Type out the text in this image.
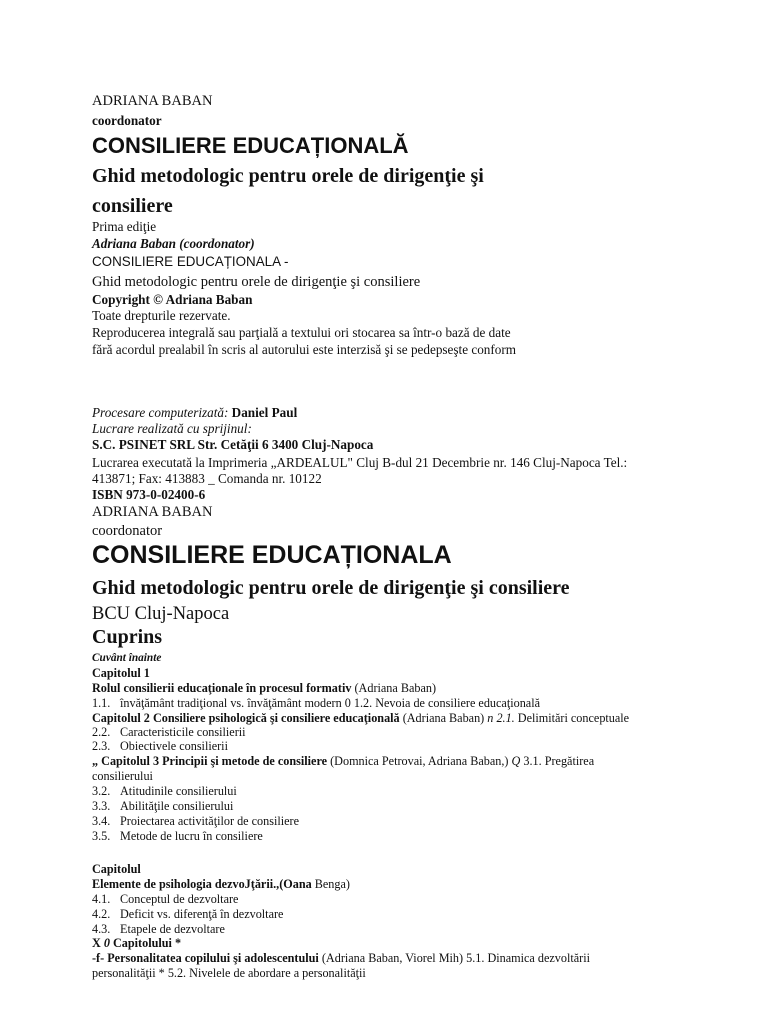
ADRIANA BABAN
coordonator
CONSILIERE EDUCAȚIONALĂ
Ghid metodologic pentru orele de dirigenţie şi
consiliere
Prima ediţie
Adriana Baban (coordonator)
CONSILIERE EDUCAȚIONALA -
Ghid metodologic pentru orele de dirigenţie şi consiliere
Copyright © Adriana Baban
Toate drepturile rezervate.
Reproducerea integrală sau parţială a textului ori stocarea sa într-o bază de date
fără acordul prealabil în scris al autorului este interzisă şi se pedepseşte conform
Procesare computerizată: Daniel Paul
Lucrare realizată cu sprijinul:
S.C. PSINET SRL Str. Cetăţii 6 3400 Cluj-Napoca
Lucrarea executată la Imprimeria „ARDEALUL" Cluj B-dul 21 Decembrie nr. 146 Cluj-Napoca Tel.:
413871; Fax: 413883 _ Comanda nr. 10122
ISBN 973-0-02400-6
ADRIANA BABAN
coordonator
CONSILIERE EDUCAȚIONALA
Ghid metodologic pentru orele de dirigenţie şi consiliere
BCU Cluj-Napoca
Cuprins
Cuvânt înainte
Capitolul 1
Rolul consilierii educaţionale în procesul formativ (Adriana Baban)
1.1. învăţământ tradiţional vs. învăţământ modern 0 1.2. Nevoia de consiliere educaţională
Capitolul 2 Consiliere psihologică şi consiliere educaţională (Adriana Baban) n 2.1. Delimitări conceptuale
2.2. Caracteristicile consilierii
2.3. Obiectivele consilierii
„ Capitolul 3 Principii şi metode de consiliere (Domnica Petrovai, Adriana Baban,) Q 3.1. Pregătirea
consilierului
3.2. Atitudinile consilierului
3.3. Abilităţile consilierului
3.4. Proiectarea activităţilor de consiliere
3.5. Metode de lucru în consiliere
Capitolul
Elemente de psihologia dezvoJţării.,(Oana Benga)
4.1. Conceptul de dezvoltare
4.2. Deficit vs. diferenţă în dezvoltare
4.3. Etapele de dezvoltare
X 0 Capitolului *
-f- Personalitatea copilului şi adolescentului (Adriana Baban, Viorel Mih) 5.1. Dinamica dezvoltării
personalităţii * 5.2. Nivelele de abordare a personalităţii
